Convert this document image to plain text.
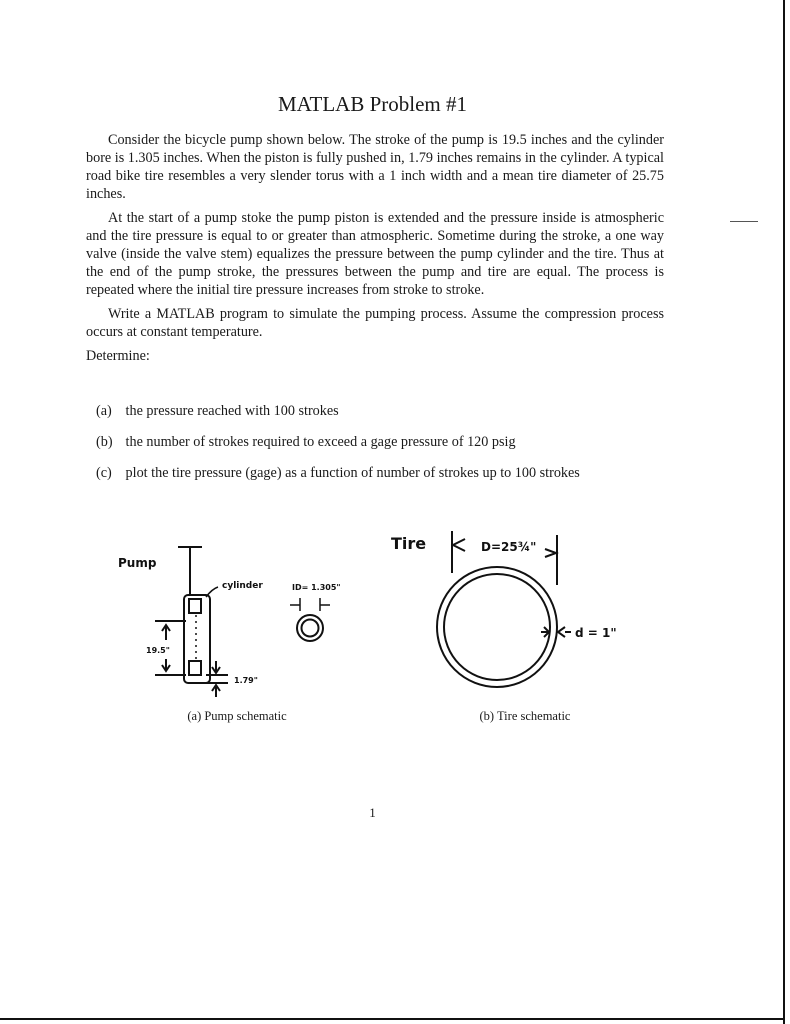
MATLAB Problem #1

Consider the bicycle pump shown below. The stroke of the pump is 19.5 inches and the cylinder bore is 1.305 inches. When the piston is fully pushed in, 1.79 inches remains in the cylinder. A typical road bike tire resembles a very slender torus with a 1 inch width and a mean tire diameter of 25.75 inches.

At the start of a pump stoke the pump piston is extended and the pressure inside is atmospheric and the tire pressure is equal to or greater than atmospheric. Sometime during the stroke, a one way valve (inside the valve stem) equalizes the pressure between the pump cylinder and the tire. Thus at the end of the pump stroke, the pressures between the pump and tire are equal. The process is repeated where the initial tire pressure increases from stroke to stroke.

Write a MATLAB program to simulate the pumping process. Assume the compression process occurs at constant temperature.

Determine:

(a) the pressure reached with 100 strokes
(b) the number of strokes required to exceed a gage pressure of 120 psig
(c) plot the tire pressure (gage) as a function of number of strokes up to 100 strokes
Pump
cylinder	ID= 1.305"
19.5"
1.79"
(a) Pump schematic
Tire	D=25¾"
d = 1"
(b) Tire schematic
1
